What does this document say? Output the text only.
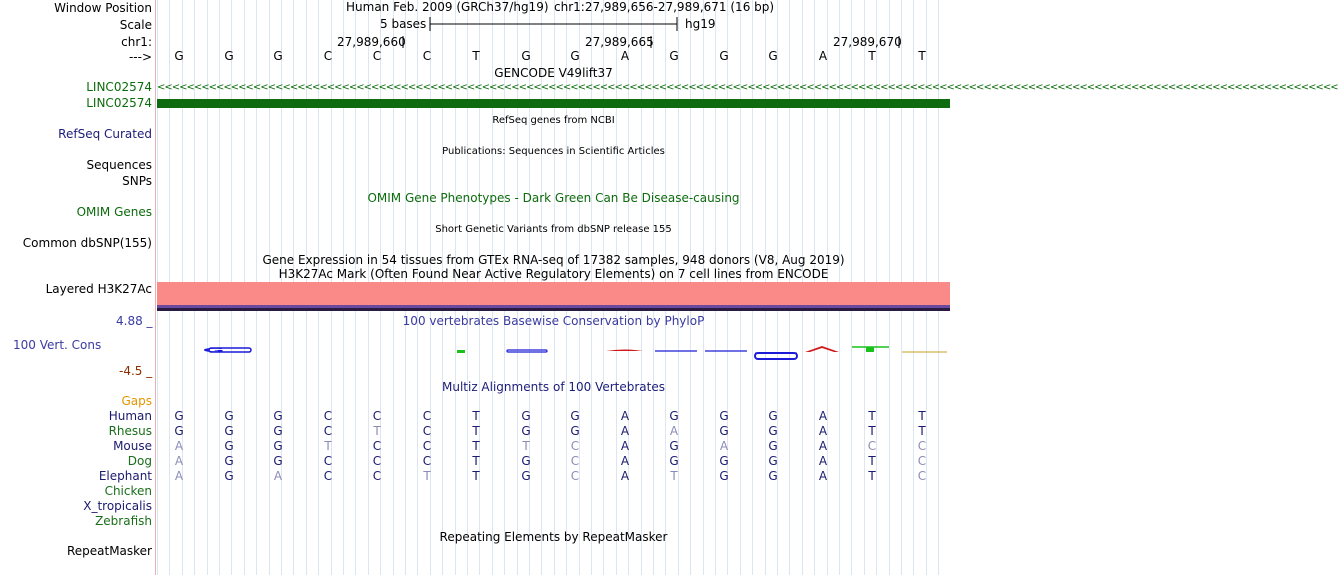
Window Position
Scale
chr1:
--->
Human Feb. 2009 (GRCh37/hg19) chr1:27,989,656-27,989,671 (16 bp)
5 bases	hg19
27,989,660	27,989,665	27,989,670
G	G	G	C	C	C	T	G	G	A	G	G	G	A	T	T
GENCODE V49lift37
LINC02574 <<<<<<<<<<<<<<<<<<<<<<<<<<<<<<<<<<<<<<<<<<<<<<<<<<<<<<<<<<<<<<<<<<<<<<<<<<<<<<<<<<<<<<<<<<<<<<<<<<<<<<<<<<<<<<<<<<<<<<<<<<<<<<<<<<<<<<<<<<<<<<<<<<<<<<<<<<<<<<<<
LINC02574
RefSeq genes from NCBI
RefSeq Curated
Sequences
Publications: Sequences in Scientific Articles
SNPs
OMIM Gene Phenotypes - Dark Green Can Be Disease-causing
OMIM Genes
Short Genetic Variants from dbSNP release 155
Common dbSNP(155)
Gene Expression in 54 tissues from GTEx RNA-seq of 17382 samples, 948 donors (V8, Aug 2019)
H3K27Ac Mark (Often Found Near Active Regulatory Elements) on 7 cell lines from ENCODE
Layered H3K27Ac
4.88 _	100 vertebrates Basewise Conservation by PhyloP
100 Vert. Cons	G
-4.5 _
Multiz Alignments of 100 Vertebrates
Gaps
Human G	G	G	C	C	C	T	G	G	A	G	G	G	A	T	T
Rhesus G	G	G	C	T	C	T	G	G	A	A	G	G	A	T	T
Mouse	A	G	G	T	C	C	T	T	C	A	G	A	G	A	C	C
Dog	A	G	G	C	C	C	T	G	C	A	G	G	G	A	T	C
Elephant	A	G	A	C	C	T	T	G	C	A	T	G	G	A	T	C
Chicken
X_tropicalis
Zebrafish
Repeating Elements by RepeatMasker
RepeatMasker
